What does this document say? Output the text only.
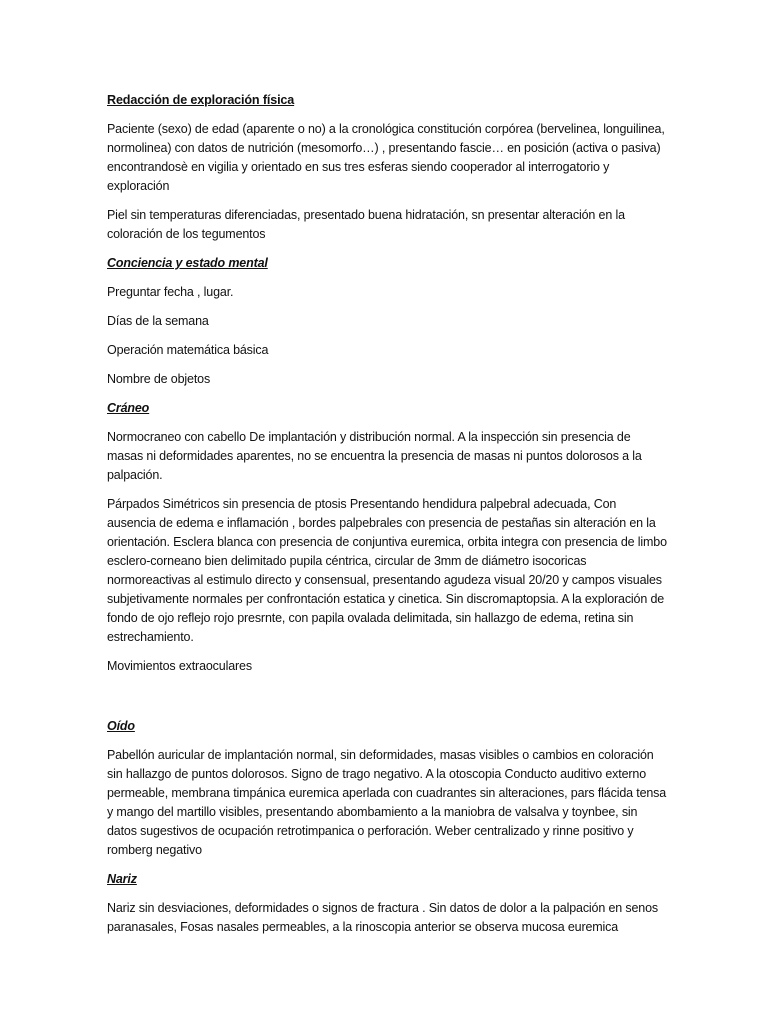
Redacción de exploración física

Paciente (sexo) de edad (aparente o no) a la cronológica constitución corpórea (bervelinea, longuilinea, normolinea) con datos de nutrición (mesomorfo…) , presentando fascie… en posición (activa o pasiva) encontrandosè en vigilia y orientado en sus tres esferas siendo cooperador al interrogatorio y exploración

Piel sin temperaturas diferenciadas, presentado buena hidratación, sn presentar alteración en la coloración de los tegumentos

Conciencia y estado mental

Preguntar fecha , lugar.

Días de la semana

Operación matemática básica

Nombre de objetos

Cráneo

Normocraneo con cabello De implantación y distribución normal. A la inspección sin presencia de masas ni deformidades aparentes, no se encuentra la presencia de masas ni puntos dolorosos a la palpación.

Párpados Simétricos sin presencia de ptosis Presentando hendidura palpebral adecuada, Con ausencia de edema e inflamación , bordes palpebrales con presencia de pestañas sin alteración en la orientación. Esclera blanca con presencia de conjuntiva euremica, orbita integra con presencia de limbo esclero-corneano bien delimitado pupila céntrica, circular de 3mm de diámetro isocoricas normoreactivas al estimulo directo y consensual, presentando agudeza visual 20/20 y campos visuales subjetivamente normales per confrontación estatica y cinetica. Sin discromaptopsia. A la exploración de fondo de ojo reflejo rojo presrnte, con papila ovalada delimitada, sin hallazgo de edema, retina sin estrechamiento.

Movimientos extraoculares

Oído

Pabellón auricular de implantación normal, sin deformidades, masas visibles o cambios en coloración sin hallazgo de puntos dolorosos. Signo de trago negativo. A la otoscopia Conducto auditivo externo permeable, membrana timpánica euremica aperlada con cuadrantes sin alteraciones, pars flácida tensa y mango del martillo visibles, presentando abombamiento a la maniobra de valsalva y toynbee, sin datos sugestivos de ocupación retrotimpanica o perforación. Weber centralizado y rinne positivo y romberg negativo

Nariz

Nariz sin desviaciones, deformidades o signos de fractura . Sin datos de dolor a la palpación en senos paranasales, Fosas nasales permeables, a la rinoscopia anterior se observa mucosa euremica
